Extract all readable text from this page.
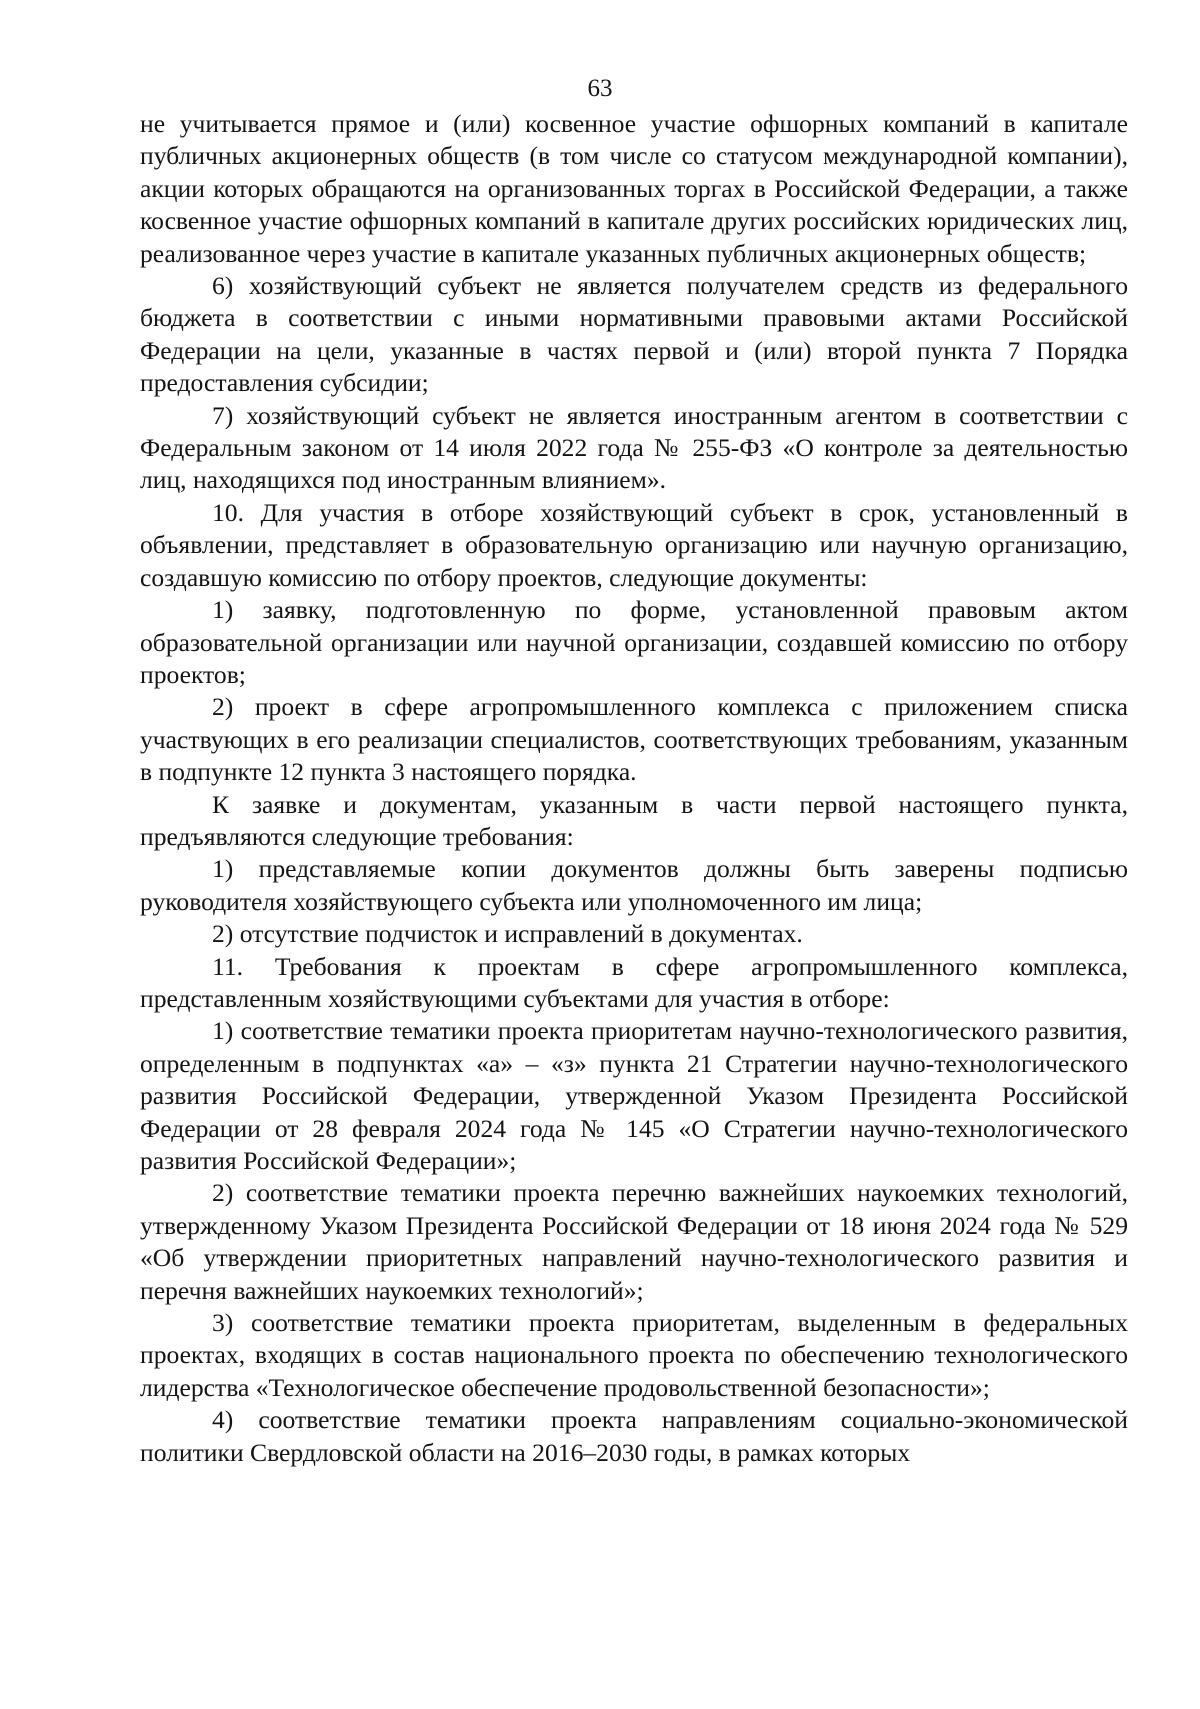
63

не учитывается прямое и (или) косвенное участие офшорных компаний в капитале публичных акционерных обществ (в том числе со статусом международной компании), акции которых обращаются на организованных торгах в Российской Федерации, а также косвенное участие офшорных компаний в капитале других российских юридических лиц, реализованное через участие в капитале указанных публичных акционерных обществ;

6) хозяйствующий субъект не является получателем средств из федерального бюджета в соответствии с иными нормативными правовыми актами Российской Федерации на цели, указанные в частях первой и (или) второй пункта 7 Порядка предоставления субсидии;

7) хозяйствующий субъект не является иностранным агентом в соответствии с Федеральным законом от 14 июля 2022 года № 255-ФЗ «О контроле за деятельностью лиц, находящихся под иностранным влиянием».

10. Для участия в отборе хозяйствующий субъект в срок, установленный в объявлении, представляет в образовательную организацию или научную организацию, создавшую комиссию по отбору проектов, следующие документы:

1) заявку, подготовленную по форме, установленной правовым актом образовательной организации или научной организации, создавшей комиссию по отбору проектов;

2) проект в сфере агропромышленного комплекса с приложением списка участвующих в его реализации специалистов, соответствующих требованиям, указанным в подпункте 12 пункта 3 настоящего порядка.

К заявке и документам, указанным в части первой настоящего пункта, предъявляются следующие требования:

1) представляемые копии документов должны быть заверены подписью руководителя хозяйствующего субъекта или уполномоченного им лица;

2) отсутствие подчисток и исправлений в документах.

11. Требования к проектам в сфере агропромышленного комплекса, представленным хозяйствующими субъектами для участия в отборе:

1) соответствие тематики проекта приоритетам научно-технологического развития, определенным в подпунктах «а» – «з» пункта 21 Стратегии научно-технологического развития Российской Федерации, утвержденной Указом Президента Российской Федерации от 28 февраля 2024 года № 145 «О Стратегии научно-технологического развития Российской Федерации»;

2) соответствие тематики проекта перечню важнейших наукоемких технологий, утвержденному Указом Президента Российской Федерации от 18 июня 2024 года № 529 «Об утверждении приоритетных направлений научно-технологического развития и перечня важнейших наукоемких технологий»;

3) соответствие тематики проекта приоритетам, выделенным в федеральных проектах, входящих в состав национального проекта по обеспечению технологического лидерства «Технологическое обеспечение продовольственной безопасности»;

4) соответствие тематики проекта направлениям социально-экономической политики Свердловской области на 2016–2030 годы, в рамках которых
